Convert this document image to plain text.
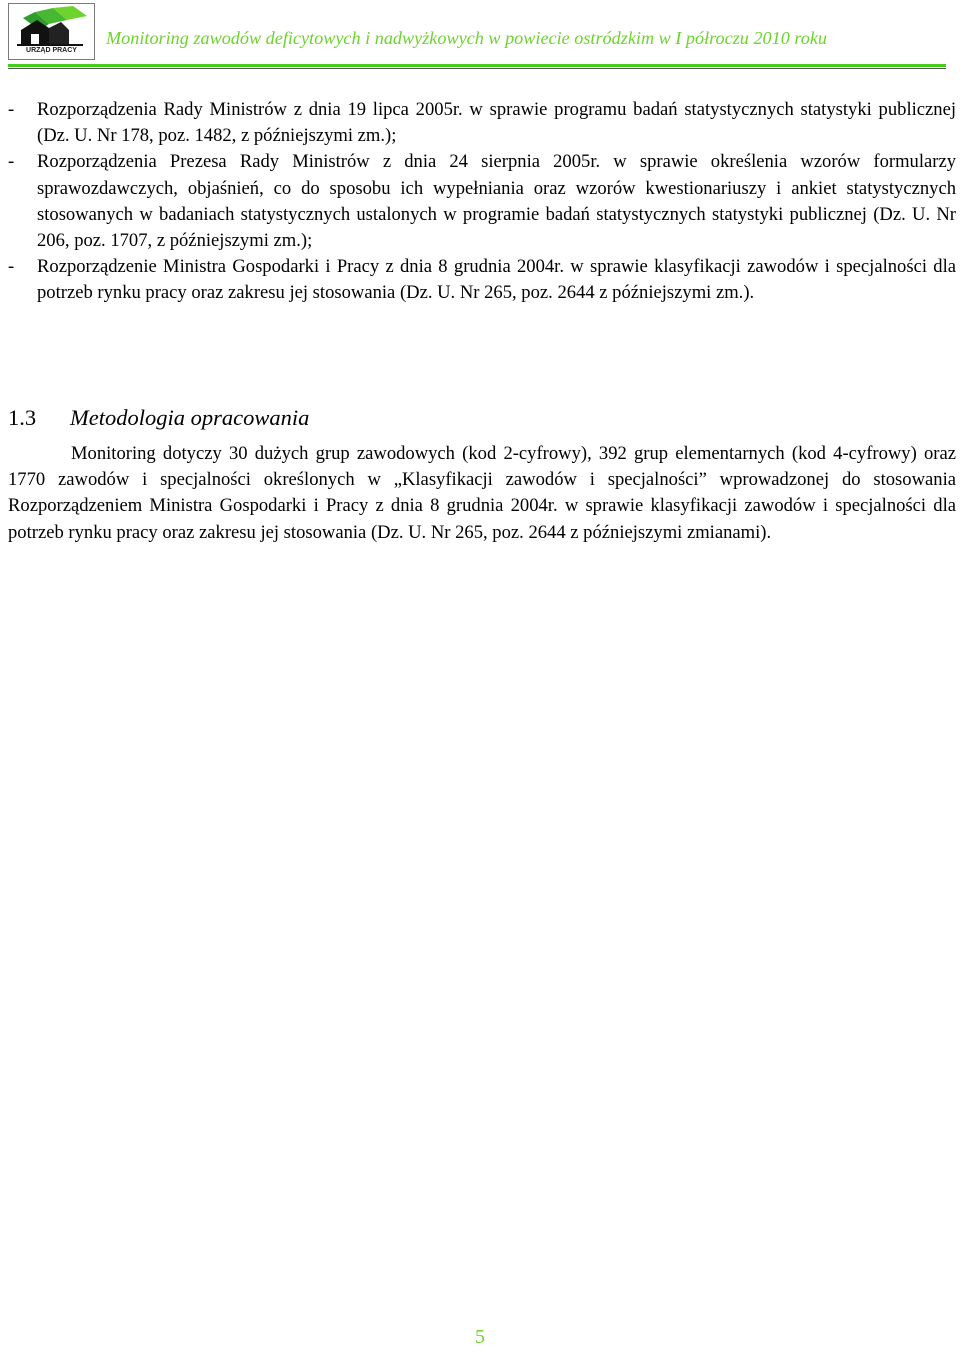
URZĄD PRACY
Monitoring zawodów deficytowych i nadwyżkowych w powiecie ostródzkim w I półroczu 2010 roku
-	Rozporządzenia Rady Ministrów z dnia 19 lipca 2005r. w sprawie programu badań statystycznych statystyki publicznej (Dz. U. Nr 178, poz. 1482, z późniejszymi zm.);
-	Rozporządzenia Prezesa Rady Ministrów z dnia 24 sierpnia 2005r. w sprawie określenia wzorów formularzy sprawozdawczych, objaśnień, co do sposobu ich wypełniania oraz wzorów kwestionariuszy i ankiet statystycznych stosowanych w badaniach statystycznych ustalonych w programie badań statystycznych statystyki publicznej (Dz. U. Nr 206, poz. 1707, z późniejszymi zm.);
-	Rozporządzenie Ministra Gospodarki i Pracy z dnia 8 grudnia 2004r. w sprawie klasyfikacji zawodów i specjalności dla potrzeb rynku pracy oraz zakresu jej stosowania (Dz. U. Nr 265, poz. 2644 z późniejszymi zm.).
1.3 Metodologia opracowania
Monitoring dotyczy 30 dużych grup zawodowych (kod 2-cyfrowy), 392 grup elementarnych (kod 4-cyfrowy) oraz 1770 zawodów i specjalności określonych w „Klasyfikacji zawodów i specjalności” wprowadzonej do stosowania Rozporządzeniem Ministra Gospodarki i Pracy z dnia 8 grudnia 2004r. w sprawie klasyfikacji zawodów i specjalności dla potrzeb rynku pracy oraz zakresu jej stosowania (Dz. U. Nr 265, poz. 2644 z późniejszymi zmianami).
5
